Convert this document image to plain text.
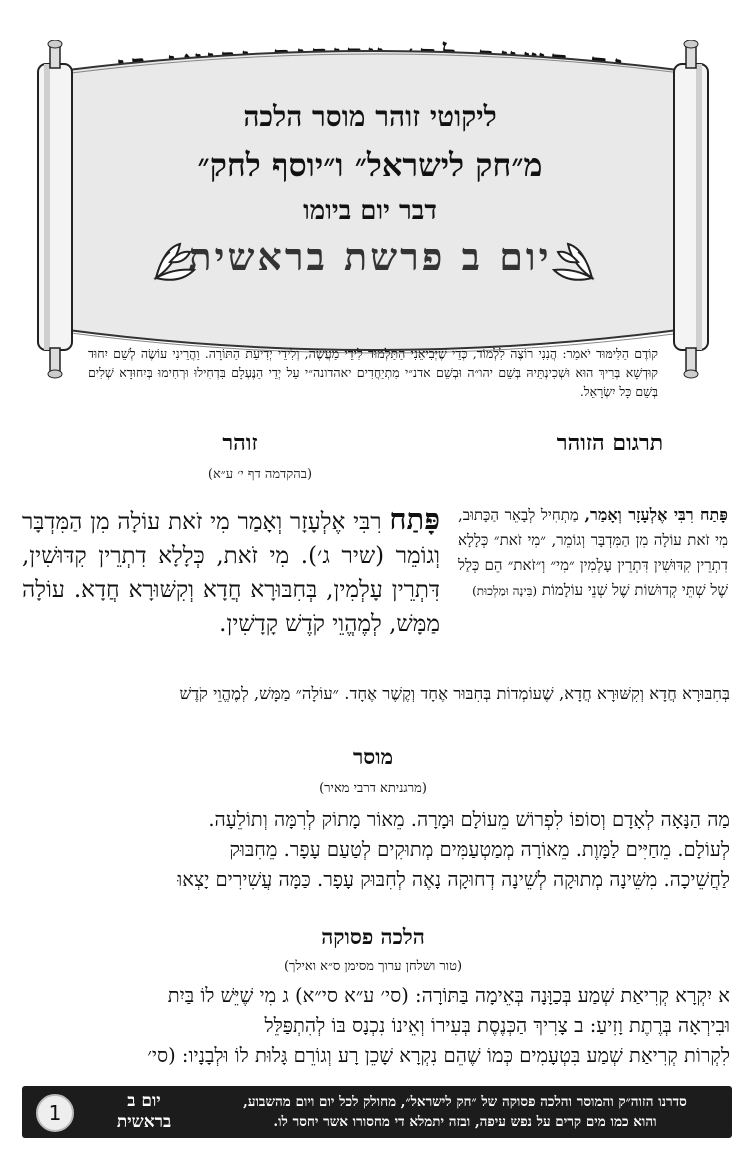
ליקוטי זוהר מוסר הלכה
מ״חק לישראל״ ו״יוסף לחק״
דבר יום ביומו
יום ב פרשת בראשית
קוֹדֶם הַלִּימּוּד יֹאמַר: הֲנִנִי רוֹצֶה לִלְמוֹד, כְּדֵי שֶׁיְּבִיאֵנִי הַתַּלְמוּד לִידֵי מַעֲשֶׂה, וְלִידֵי יְדִיעַת הַתּוֹרָה. וַהֲרֵינִי עוֹשֶׂה לְשֵׁם יִחוּד קוּדְשָׁא בְּרִיךְ הוּא וּשְׁכִינְתֵּיהּ בְּשֵׁם יהו״ה וּבְשֵׁם אדנ״י מִתְיַחֲדִים יאהדונה״י עַל יְדֵי הַנֶּעְלָם בִּדְחִילוּ וּרְחִימוּ בְּיִחוּדָא שְׁלִים בְּשֵׁם כָּל יִשְׂרָאֵל.
תרגום הזוהר
זוהר
(בהקדמה דף י׳ ע״א)
פָּתַח רִבִּי אֶלְעָזָר וְאָמַר מִי זֹאת עוֹלָה מִן הַמִּדְבָּר וְגוֹמֵר (שיר ג׳). מִי זֹאת, כְּלָלָא דִתְרֵין קִדּוּשִׁין, דִּתְרֵין עָלְמִין, בְּחִבּוּרָא חֲדָא וְקִשּׁוּרָא חֲדָא. עוֹלָה מַמָּשׁ, לְמֶהֱוֵי קֹדֶשׁ קָדָשִׁין.
פָּתַח רִבִּי אֶלְעָזָר וְאָמַר, מַתְחִיל לְבָאֵר הַכָּתוּב, מִי זֹאת עוֹלָה מִן הַמִּדְבָּר וְגוֹמֵר, ״מִי זֹאת״ כְּלָלָא דִתְרֵין קִדּוּשִׁין דִּתְרֵין עָלְמִין ״מִי״ וְ״זֹאת״ הֵם כְּלַל שֶׁל שְׁתֵּי קְדוּשׁוֹת שֶׁל שְׁנֵי עוֹלָמוֹת (בִּינָה וּמַלְכוּת)
בְּחִבּוּרָא חֲדָא וְקִשּׁוּרָא חֲדָא, שֶׁעוֹמְדוֹת בְּחִבּוּר אֶחָד וְקֶשֶׁר אֶחָד. ״עוֹלָה״ מַמָּשׁ, לְמֶהֱוֵי קֹדֶשׁ
מוסר
(מרגניתא דרבי מאיר)
מַה הַנָּאָה לְאָדָם וְסוֹפוֹ לִפְרוֹשׁ מֵעוֹלָם וּמָרָה. מֵאוֹר מָתוֹק לְרִמָּה וְתוֹלֵעָה.
לְעוֹלָם. מֵחַיִּים לַמָּוֶת. מֵאוֹרָה מְמַטְעַמִּים מְתוּקִים לְטַעַם עָפָר. מֵחִבּוּק
לַחֲשֵׁיכָה. מִשֵּׁינָה מְתוּקָה לְשֵׁינָה דְחוּקָה נָאֶה לְחִבּוּק עָפָר. כַּמָּה עֲשִׁירִים יָצְאוּ
הלכה פסוקה
(טור ושלחן ערוך מסימן ס״א ואילך)
א יִקְרָא קְרִיאַת שְׁמַע בְּכַוָּנָה בְּאֵימָה בַּתּוֹרָה: (סי׳ ע״א סי״א) ג מִי שֶׁיֵּשׁ לוֹ בַּיִת
וּבִירְאָה בְּרֶתֶת וָזִיעַ: ב צָרִיךְ הַכְּנֶסֶת בְּעִירוֹ וְאֵינוֹ נִכְנָס בּוֹ לְהִתְפַּלֵּל
לִקְרוֹת קְרִיאַת שְׁמַע בִּטְעָמִים כְּמוֹ שֶׁהֵם נִקְרָא שָׁכֵן רָע וְגוֹרֵם גָּלוּת לוֹ וּלְבָנָיו: (סי׳
סדרנו הזוה״ק והמוסר והלכה פסוקה של ״חק לישראל״, מחולק לכל יום ויום מהשבוע,
והוא כמו מים קרים על נפש עיפה, ובזה יתמלא די מחסורו אשר יחסר לו.
יום ב
בראשית
1
